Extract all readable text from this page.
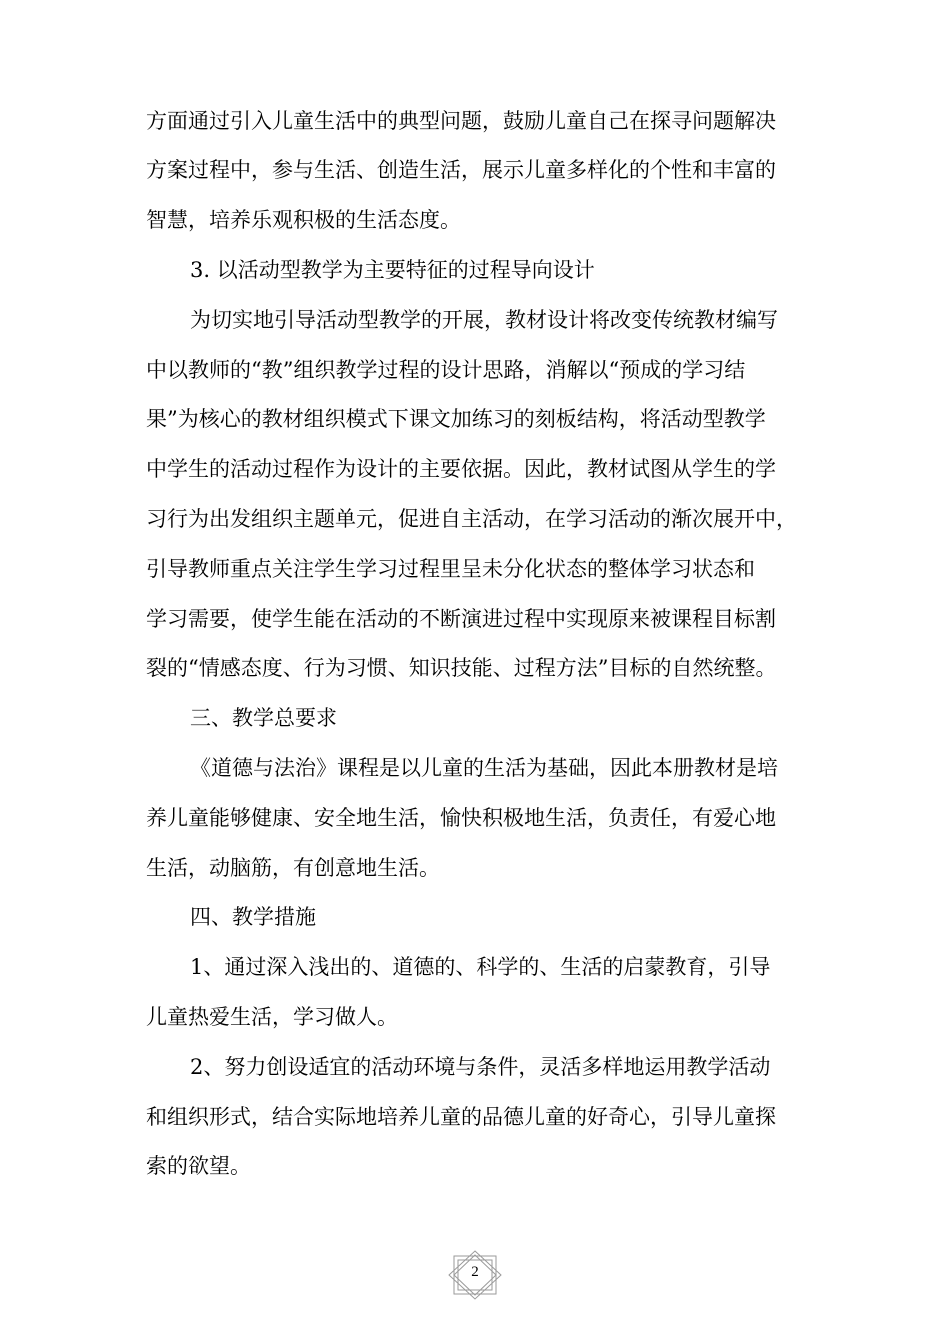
方面通过引入儿童生活中的典型问题，鼓励儿童自己在探寻问题解决
方案过程中，参与生活、创造生活，展示儿童多样化的个性和丰富的
智慧，培养乐观积极的生活态度。
3. 以活动型教学为主要特征的过程导向设计
为切实地引导活动型教学的开展，教材设计将改变传统教材编写
中以教师的“教”组织教学过程的设计思路，消解以“预成的学习结
果”为核心的教材组织模式下课文加练习的刻板结构，将活动型教学
中学生的活动过程作为设计的主要依据。因此，教材试图从学生的学
习行为出发组织主题单元，促进自主活动，在学习活动的渐次展开中，
引导教师重点关注学生学习过程里呈未分化状态的整体学习状态和
学习需要，使学生能在活动的不断演进过程中实现原来被课程目标割
裂的“情感态度、行为习惯、知识技能、过程方法”目标的自然统整。
三、教学总要求
《道德与法治》课程是以儿童的生活为基础，因此本册教材是培
养儿童能够健康、安全地生活，愉快积极地生活，负责任，有爱心地
生活，动脑筋，有创意地生活。
四、教学措施
1、通过深入浅出的、道德的、科学的、生活的启蒙教育，引导
儿童热爱生活，学习做人。
2、努力创设适宜的活动环境与条件，灵活多样地运用教学活动
和组织形式，结合实际地培养儿童的品德儿童的好奇心，引导儿童探
索的欲望。
2
